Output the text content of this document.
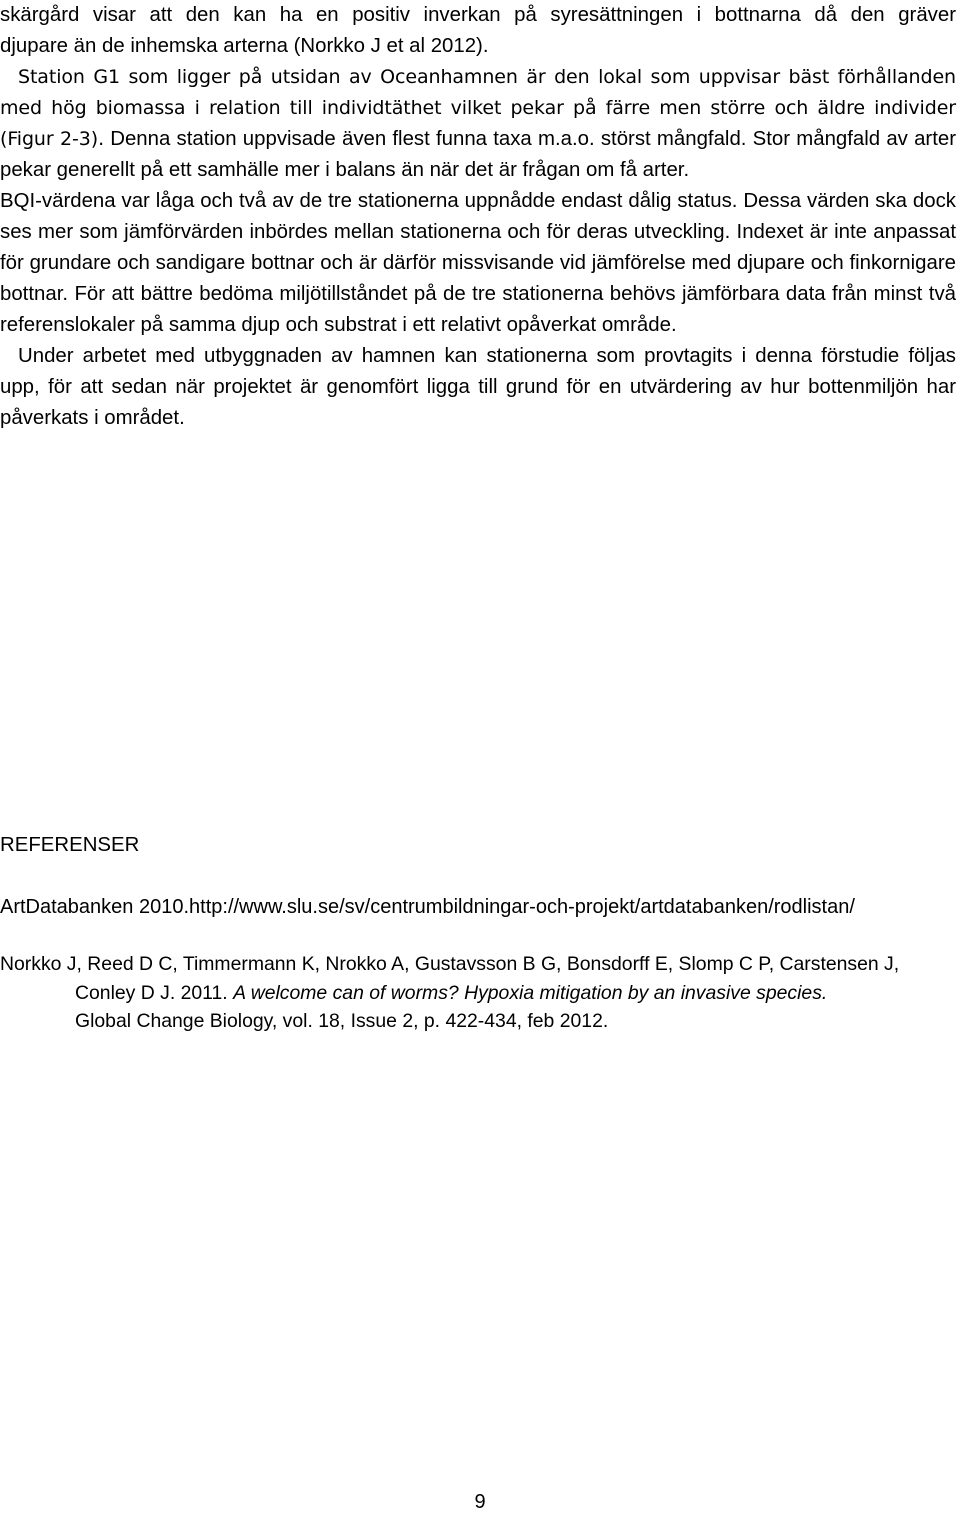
skärgård visar att den kan ha en positiv inverkan på syresättningen i bottnarna då den gräver

djupare än de inhemska arterna (Norkko J et al 2012).

Station G1 som ligger på utsidan av Oceanhamnen är den lokal som uppvisar bäst förhållanden med hög biomassa i relation till individtäthet vilket pekar på färre men större och äldre individer (Figur 2-3). Denna station uppvisade även flest funna taxa m.a.o. störst mångfald. Stor mångfald av arter pekar generellt på ett samhälle mer i balans än när det är frågan om få arter.

BQI-värdena var låga och två av de tre stationerna uppnådde endast dålig status. Dessa värden ska dock ses mer som jämförvärden inbördes mellan stationerna och för deras utveckling. Indexet är inte anpassat för grundare och sandigare bottnar och är därför missvisande vid jämförelse med djupare och finkornigare bottnar. För att bättre bedöma miljötillståndet på de tre stationerna behövs jämförbara data från minst två referenslokaler på samma djup och substrat i ett relativt opåverkat område.

Under arbetet med utbyggnaden av hamnen kan stationerna som provtagits i denna förstudie följas upp, för att sedan när projektet är genomfört ligga till grund för en utvärdering av hur bottenmiljön har påverkats i området.

REFERENSER
ArtDatabanken 2010.http://www.slu.se/sv/centrumbildningar-och-projekt/artdatabanken/rodlistan/
Norkko J, Reed D C, Timmermann K, Nrokko A, Gustavsson B G, Bonsdorff E, Slomp C P, Carstensen J,
Conley D J. 2011. A welcome can of worms? Hypoxia mitigation by an invasive species.
Global Change Biology, vol. 18, Issue 2, p. 422-434, feb 2012.
9
